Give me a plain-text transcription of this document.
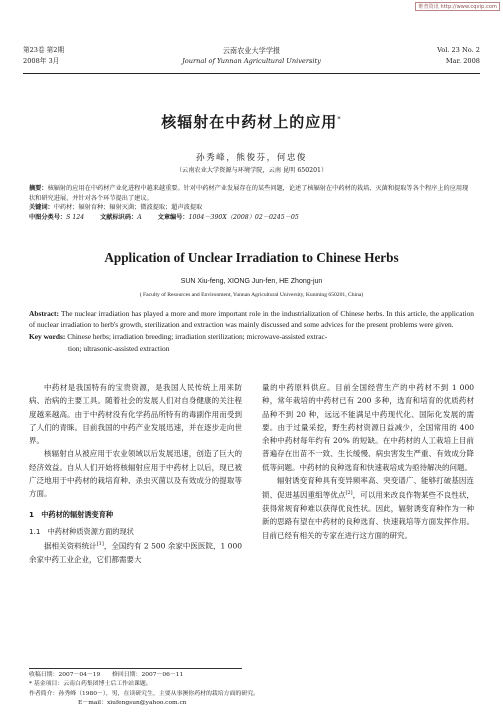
维普资讯 http://www.cqvip.com
第23卷 第2期
2008年 3月
云南农业大学学报
Journal of Yunnan Agricultural University
Vol. 23 No. 2
Mar. 2008
核辐射在中药材上的应用*
孙秀峰，熊俊芬，何忠俊
（云南农业大学资源与环境学院，云南 昆明 650201）
摘要：核辐射的应用在中药材产业化进程中越来越重要。针对中药材产业发展存在的某些问题，论述了核辐射在中药材的栽培、灭菌和提取等各个程序上的应用现状和研究进展，并针对各个环节提出了建议。
关键词：中药材；辐射育种；辐射灭菌；微波提取；超声波提取
中图分类号：S 124	文献标识码：A	文章编号：1004－390X（2008）02－0245－05
Application of Unclear Irradiation to Chinese Herbs
SUN Xiu-feng, XIONG Jun-fen, HE Zhong-jun
( Faculty of Resources and Environment, Yunnan Agricultural University, Kunming 650201, China)
Abstract: The nuclear irradiation has played a more and more important role in the industrialization of Chinese herbs. In this article, the application of nuclear irradiation to herb's growth, sterilization and extraction was mainly discussed and some advices for the present problems were given.
Key words: Chinese herbs; irradiation breeding; irradiation sterilization; microwave-assisted extrac-
tion; ultrasonic-assisted extraction

中药材是我国特有的宝贵资源，是我国人民传统上用来防病、治病的主要工具。随着社会的发展人们对自身健康的关注程度越来越高。由于中药材没有化学药品所特有的毒副作用而受到了人们的青睐。目前我国的中药产业发展迅速，并在逐步走向世界。

核辐射自从被应用于农业领域以后发展迅速，创造了巨大的经济效益。自从人们开始将核辐射应用于中药材上以后，现已被广泛地用于中药材的栽培育种、杀虫灭菌以及有效成分的提取等方面。

1　中药材的辐射诱变育种

1.1　中药材种质资源方面的现状

据相关资料统计[1]，全国约有 2 500 余家中医医院，1 000 余家中药工业企业，它们都需要大

量的中药原料供应。目前全国经营生产的中药材不到 1 000 种，常年栽培的中药材已有 200 多种，选育和培育的优质药材品种不到 20 种，远远不能满足中药现代化、国际化发展的需要。由于过量采挖，野生药材资源日益减少，全国常用的 400 余种中药材每年约有 20% 的短缺。在中药材的人工栽培上目前普遍存在出苗不一致、生长缓慢、病虫害发生严重、有效成分降低等问题。中药材的良种选育和快速栽培成为亟待解决的问题。

辐射诱变育种具有变异频率高、突变谱广、能够打破基因连锁、促进基因重组等优点[2]，可以用来改良作物某些不良性状，获得常规育种难以获得优良性状。因此，辐射诱变育种作为一种新的思路有望在中药材的良种选育、快速栽培等方面发挥作用。目前已经有相关的专家在进行这方面的研究。

收稿日期：2007－04－19　　修回日期：2007－06－11
* 基金项目：云南白药集团博士后工作站课题。
作者简介：孙秀峰（1980－），男，在读研究生，主要从事澳你药材的栽培方面的研究。
E－mail：xiufengsun@yahoo.com.cn
